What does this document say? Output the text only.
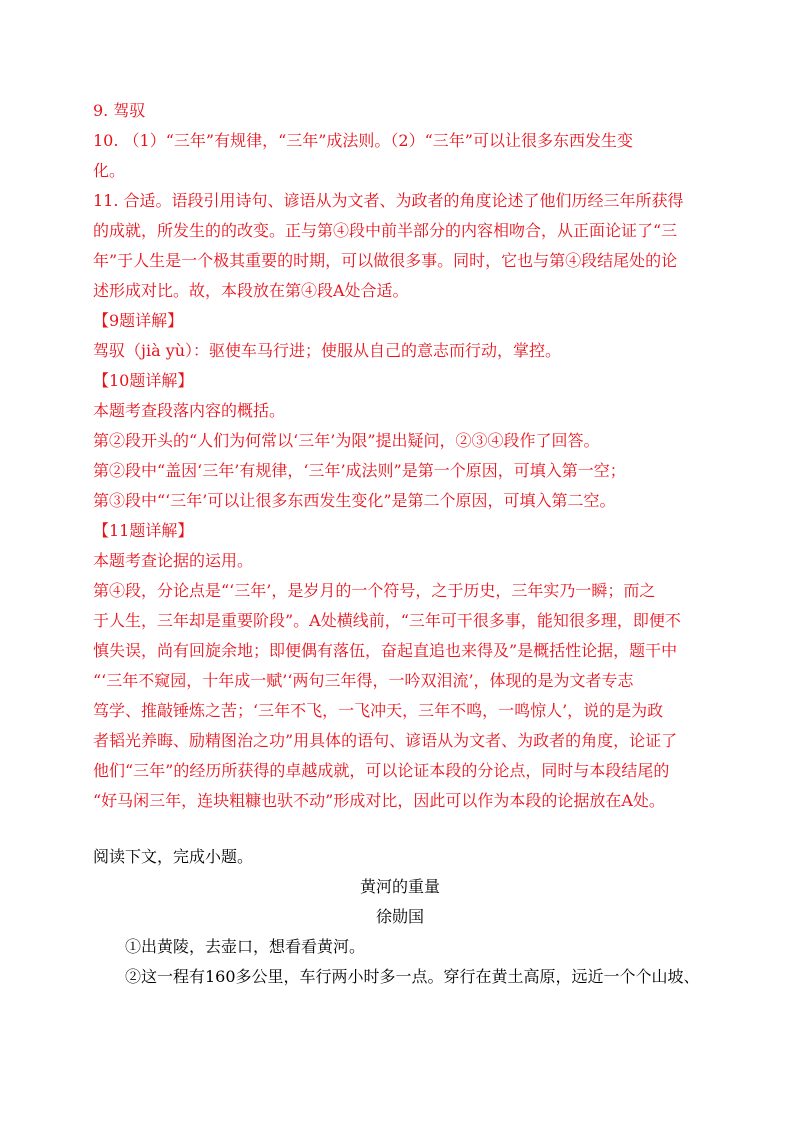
9. 驾驭

10. （1）“三年”有规律，“三年”成法则。（2）“三年”可以让很多东西发生变

化。

11. 合适。语段引用诗句、谚语从为文者、为政者的角度论述了他们历经三年所获得

的成就，所发生的的改变。正与第④段中前半部分的内容相吻合，从正面论证了“三

年”于人生是一个极其重要的时期，可以做很多事。同时，它也与第④段结尾处的论

述形成对比。故，本段放在第④段A处合适。

【9题详解】

驾驭（jià yù）：驱使车马行进；使服从自己的意志而行动，掌控。

【10题详解】

本题考查段落内容的概括。

第②段开头的“人们为何常以‘三年’为限”提出疑问，②③④段作了回答。

第②段中“盖因‘三年’有规律，‘三年’成法则”是第一个原因，可填入第一空；

第③段中“‘三年’可以让很多东西发生变化”是第二个原因，可填入第二空。

【11题详解】

本题考查论据的运用。

第④段，分论点是“‘三年’，是岁月的一个符号，之于历史，三年实乃一瞬；而之

于人生，三年却是重要阶段”。A处横线前，“三年可干很多事，能知很多理，即便不

慎失误，尚有回旋余地；即便偶有落伍，奋起直追也来得及”是概括性论据，题干中

“‘三年不窥园，十年成一赋’‘两句三年得，一吟双泪流’，体现的是为文者专志

笃学、推敲锤炼之苦；‘三年不飞，一飞冲天，三年不鸣，一鸣惊人’，说的是为政

者韬光养晦、励精图治之功”用具体的语句、谚语从为文者、为政者的角度，论证了

他们“三年”的经历所获得的卓越成就，可以论证本段的分论点，同时与本段结尾的

“好马闲三年，连块粗糠也驮不动”形成对比，因此可以作为本段的论据放在A处。

阅读下文，完成小题。

黄河的重量

徐勋国

①出黄陵，去壶口，想看看黄河。

②这一程有160多公里，车行两小时多一点。穿行在黄土高原，远近一个个山坡、
